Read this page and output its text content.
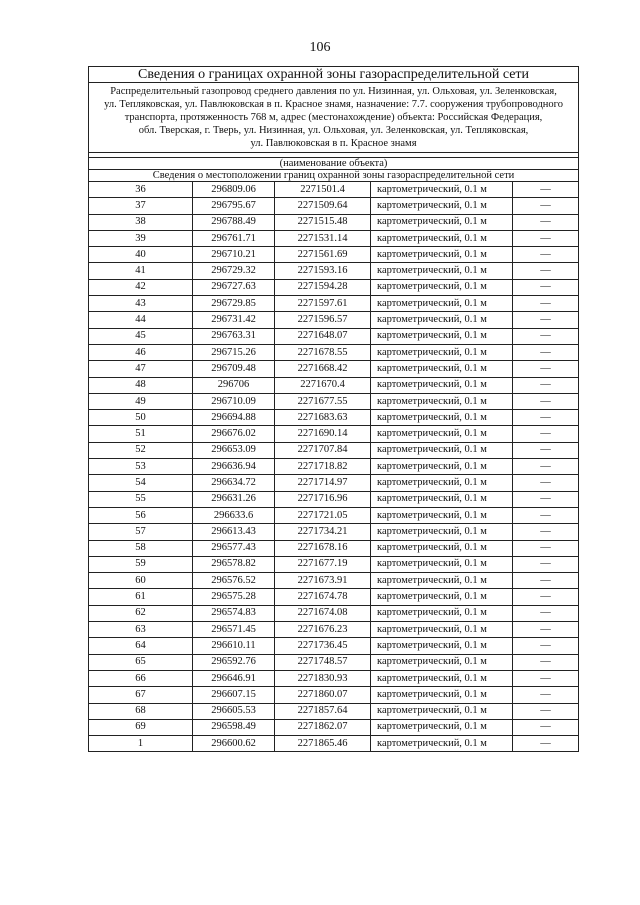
106
Сведения о границах охранной зоны газораспределительной сети				

Распределительный газопровод среднего давления по ул. Низинная, ул. Ольховая, ул. Зеленковская,
ул. Тепляковская, ул. Павлюковская в п. Красное знамя, назначение: 7.7. сооружения трубопроводного
транспорта, протяженность 768 м, адрес (местонахождение) объекта: Российская Федерация,
обл. Тверская, г. Тверь, ул. Низинная, ул. Ольховая, ул. Зеленковская, ул. Тепляковская,
ул. Павлюковская в п. Красное знамя				

(наименование объекта)				
Сведения о местоположении границ охранной зоны газораспределительной сети				
36	296809.06	2271501.4	картометрический, 0.1 м	—
37	296795.67	2271509.64	картометрический, 0.1 м	—
38	296788.49	2271515.48	картометрический, 0.1 м	—
39	296761.71	2271531.14	картометрический, 0.1 м	—
40	296710.21	2271561.69	картометрический, 0.1 м	—
41	296729.32	2271593.16	картометрический, 0.1 м	—
42	296727.63	2271594.28	картометрический, 0.1 м	—
43	296729.85	2271597.61	картометрический, 0.1 м	—
44	296731.42	2271596.57	картометрический, 0.1 м	—
45	296763.31	2271648.07	картометрический, 0.1 м	—
46	296715.26	2271678.55	картометрический, 0.1 м	—
47	296709.48	2271668.42	картометрический, 0.1 м	—
48	296706	2271670.4	картометрический, 0.1 м	—
49	296710.09	2271677.55	картометрический, 0.1 м	—
50	296694.88	2271683.63	картометрический, 0.1 м	—
51	296676.02	2271690.14	картометрический, 0.1 м	—
52	296653.09	2271707.84	картометрический, 0.1 м	—
53	296636.94	2271718.82	картометрический, 0.1 м	—
54	296634.72	2271714.97	картометрический, 0.1 м	—
55	296631.26	2271716.96	картометрический, 0.1 м	—
56	296633.6	2271721.05	картометрический, 0.1 м	—
57	296613.43	2271734.21	картометрический, 0.1 м	—
58	296577.43	2271678.16	картометрический, 0.1 м	—
59	296578.82	2271677.19	картометрический, 0.1 м	—
60	296576.52	2271673.91	картометрический, 0.1 м	—
61	296575.28	2271674.78	картометрический, 0.1 м	—
62	296574.83	2271674.08	картометрический, 0.1 м	—
63	296571.45	2271676.23	картометрический, 0.1 м	—
64	296610.11	2271736.45	картометрический, 0.1 м	—
65	296592.76	2271748.57	картометрический, 0.1 м	—
66	296646.91	2271830.93	картометрический, 0.1 м	—
67	296607.15	2271860.07	картометрический, 0.1 м	—
68	296605.53	2271857.64	картометрический, 0.1 м	—
69	296598.49	2271862.07	картометрический, 0.1 м	—
1	296600.62	2271865.46	картометрический, 0.1 м	—
